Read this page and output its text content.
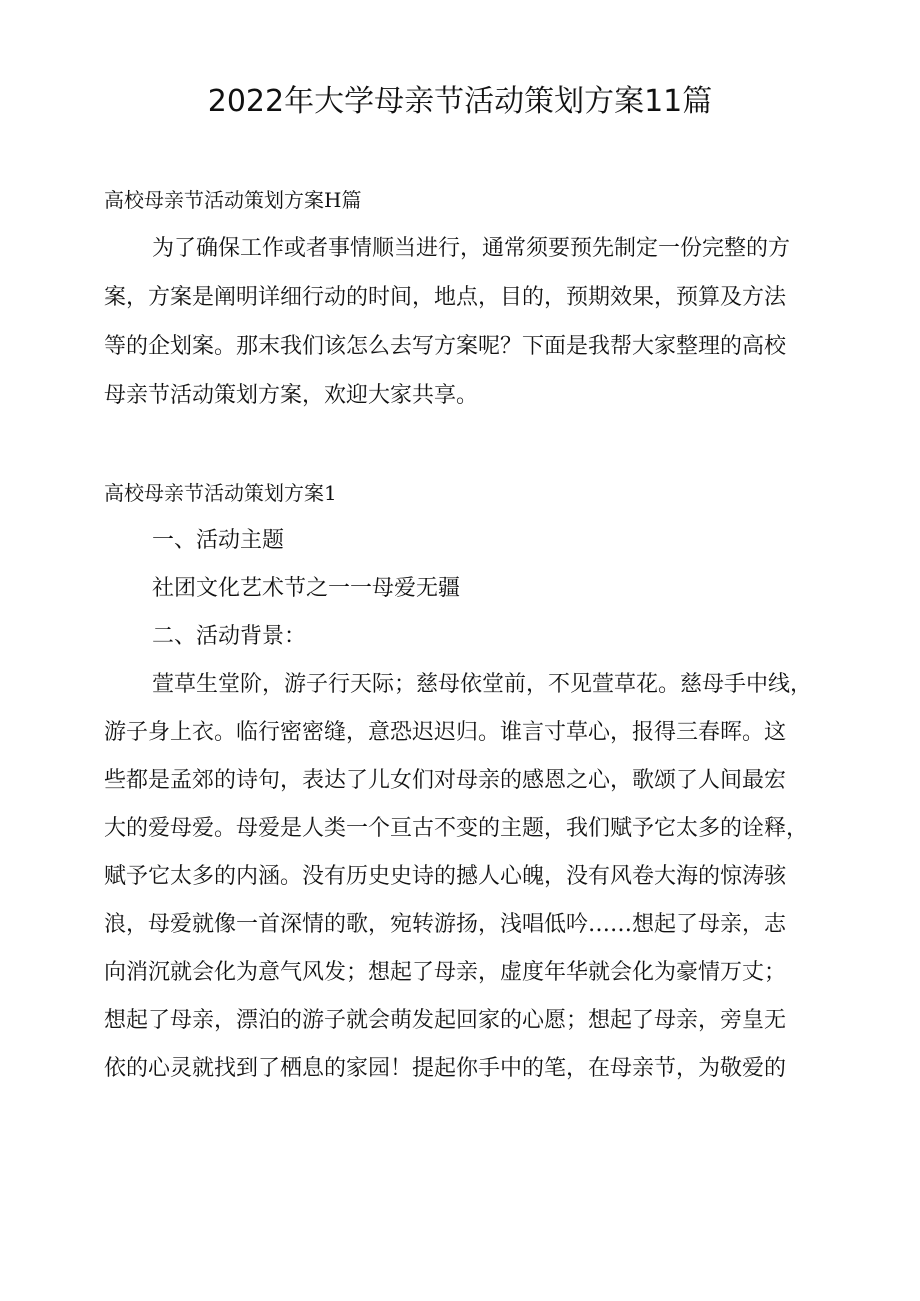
2022年大学母亲节活动策划方案11篇

高校母亲节活动策划方案H篇

为了确保工作或者事情顺当进行，通常须要预先制定一份完整的方

案，方案是阐明详细行动的时间，地点，目的，预期效果，预算及方法

等的企划案。那末我们该怎么去写方案呢？下面是我帮大家整理的高校

母亲节活动策划方案，欢迎大家共享。

高校母亲节活动策划方案1

一、活动主题

社团文化艺术节之一一母爱无疆

二、活动背景：

萱草生堂阶，游子行天际；慈母依堂前，不见萱草花。慈母手中线，

游子身上衣。临行密密缝，意恐迟迟归。谁言寸草心，报得三春晖。这

些都是孟郊的诗句，表达了儿女们对母亲的感恩之心，歌颂了人间最宏

大的爱母爱。母爱是人类一个亘古不变的主题，我们赋予它太多的诠释，

赋予它太多的内涵。没有历史史诗的撼人心魄，没有风卷大海的惊涛骇

浪，母爱就像一首深情的歌，宛转游扬，浅唱低吟……想起了母亲，志

向消沉就会化为意气风发；想起了母亲，虚度年华就会化为豪情万丈；

想起了母亲，漂泊的游子就会萌发起回家的心愿；想起了母亲，旁皇无

依的心灵就找到了栖息的家园！提起你手中的笔，在母亲节，为敬爱的
